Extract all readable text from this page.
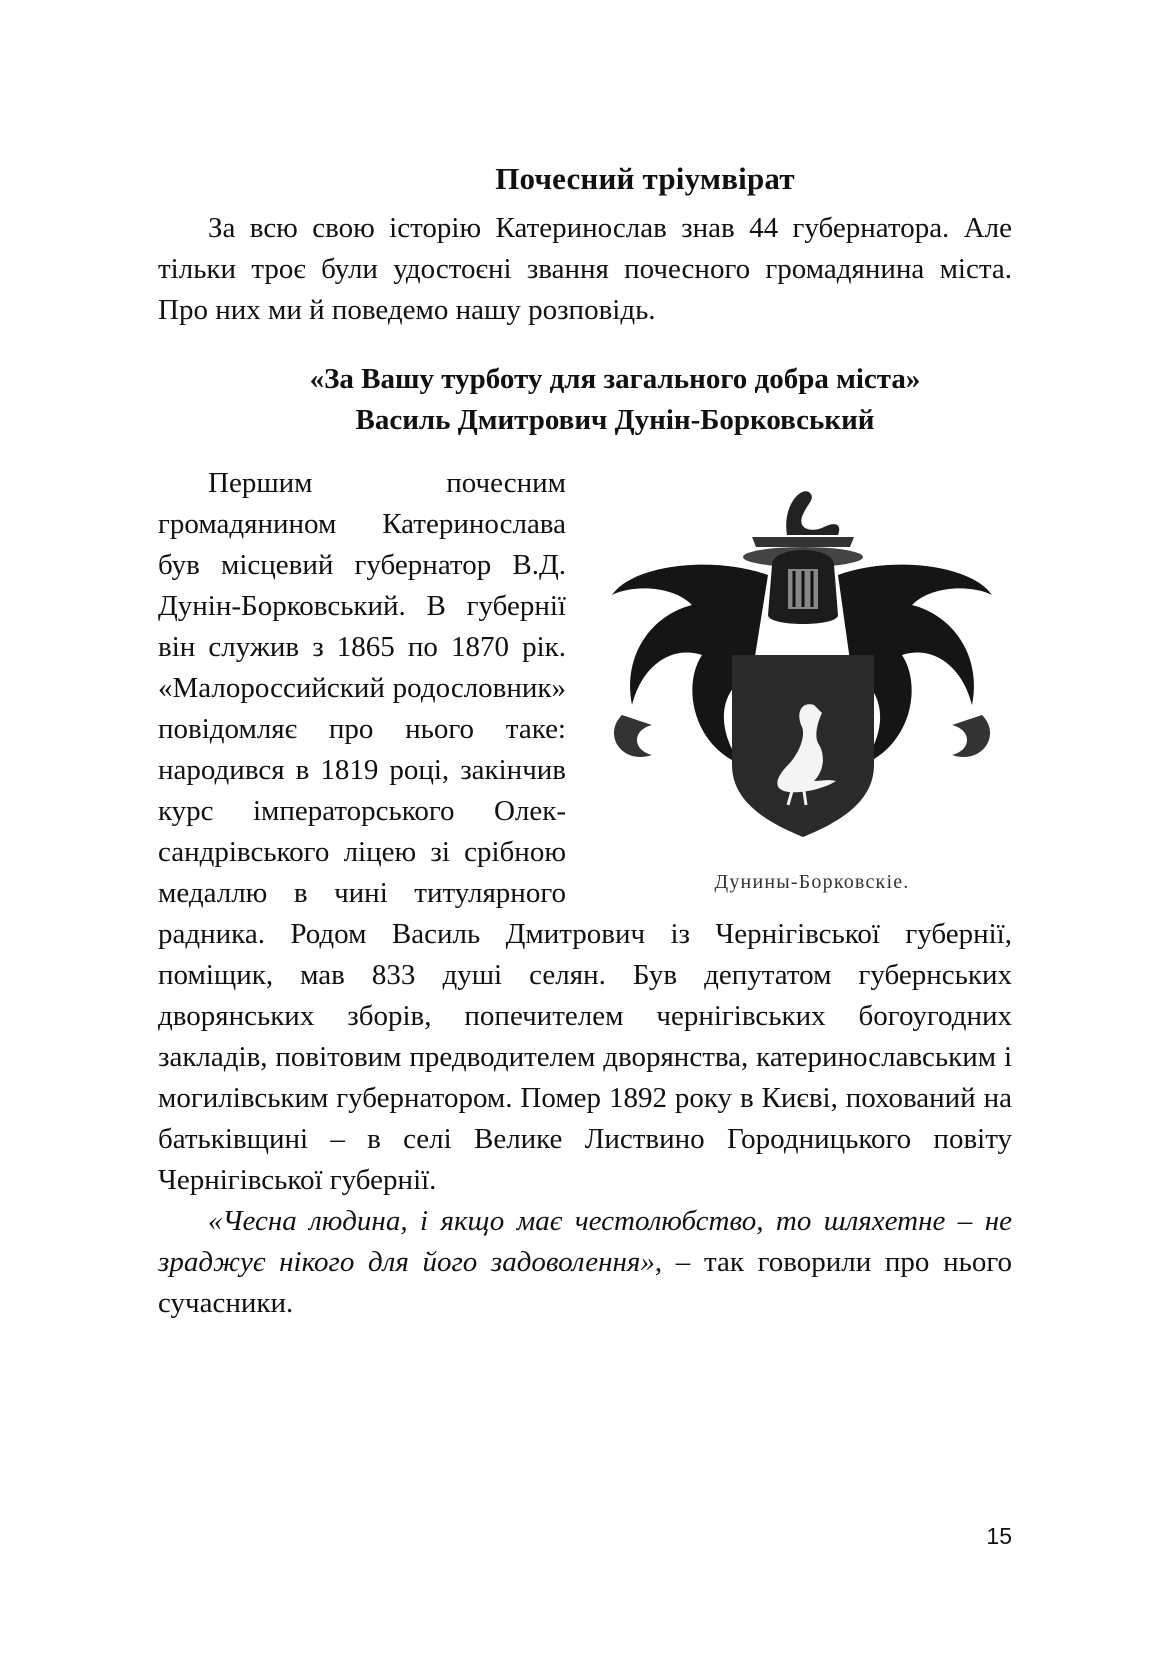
Почесний тріумвірат

За всю свою історію Катеринослав знав 44 губернатора. Але тільки троє були удостоєні звання почесного громадянина міста. Про них ми й поведемо нашу розповідь.

«За Вашу турботу для загального добра міста»
Василь Дмитрович Дунін-Борковський
Дунины-Борковскіе.

Першим почесним громадянином Катеринослава був місцевий губернатор В.Д. Дунін-Борковський. В губернії він служив з 1865 по 1870 рік. «Малороссийский родословник» повідомляє про нього таке: народився в 1819 році, закінчив курс імператорського Олександрівського ліцею зі срібною медаллю в чині титулярного радника. Родом Василь Дмитрович із Чернігівської губернії, поміщик, мав 833 душі селян. Був депутатом губернських дворянських зборів, попечителем чернігівських богоугодних закладів, повітовим предводителем дворянства, катеринославським і могилівським губернатором. Помер 1892 року в Києві, похований на батьківщині – в селі Велике Листвино Городницького повіту Чернігівської губернії.

«Чесна людина, і якщо має честолюбство, то шляхетне – не зраджує нікого для його задоволення», – так говорили про нього сучасники.

15
